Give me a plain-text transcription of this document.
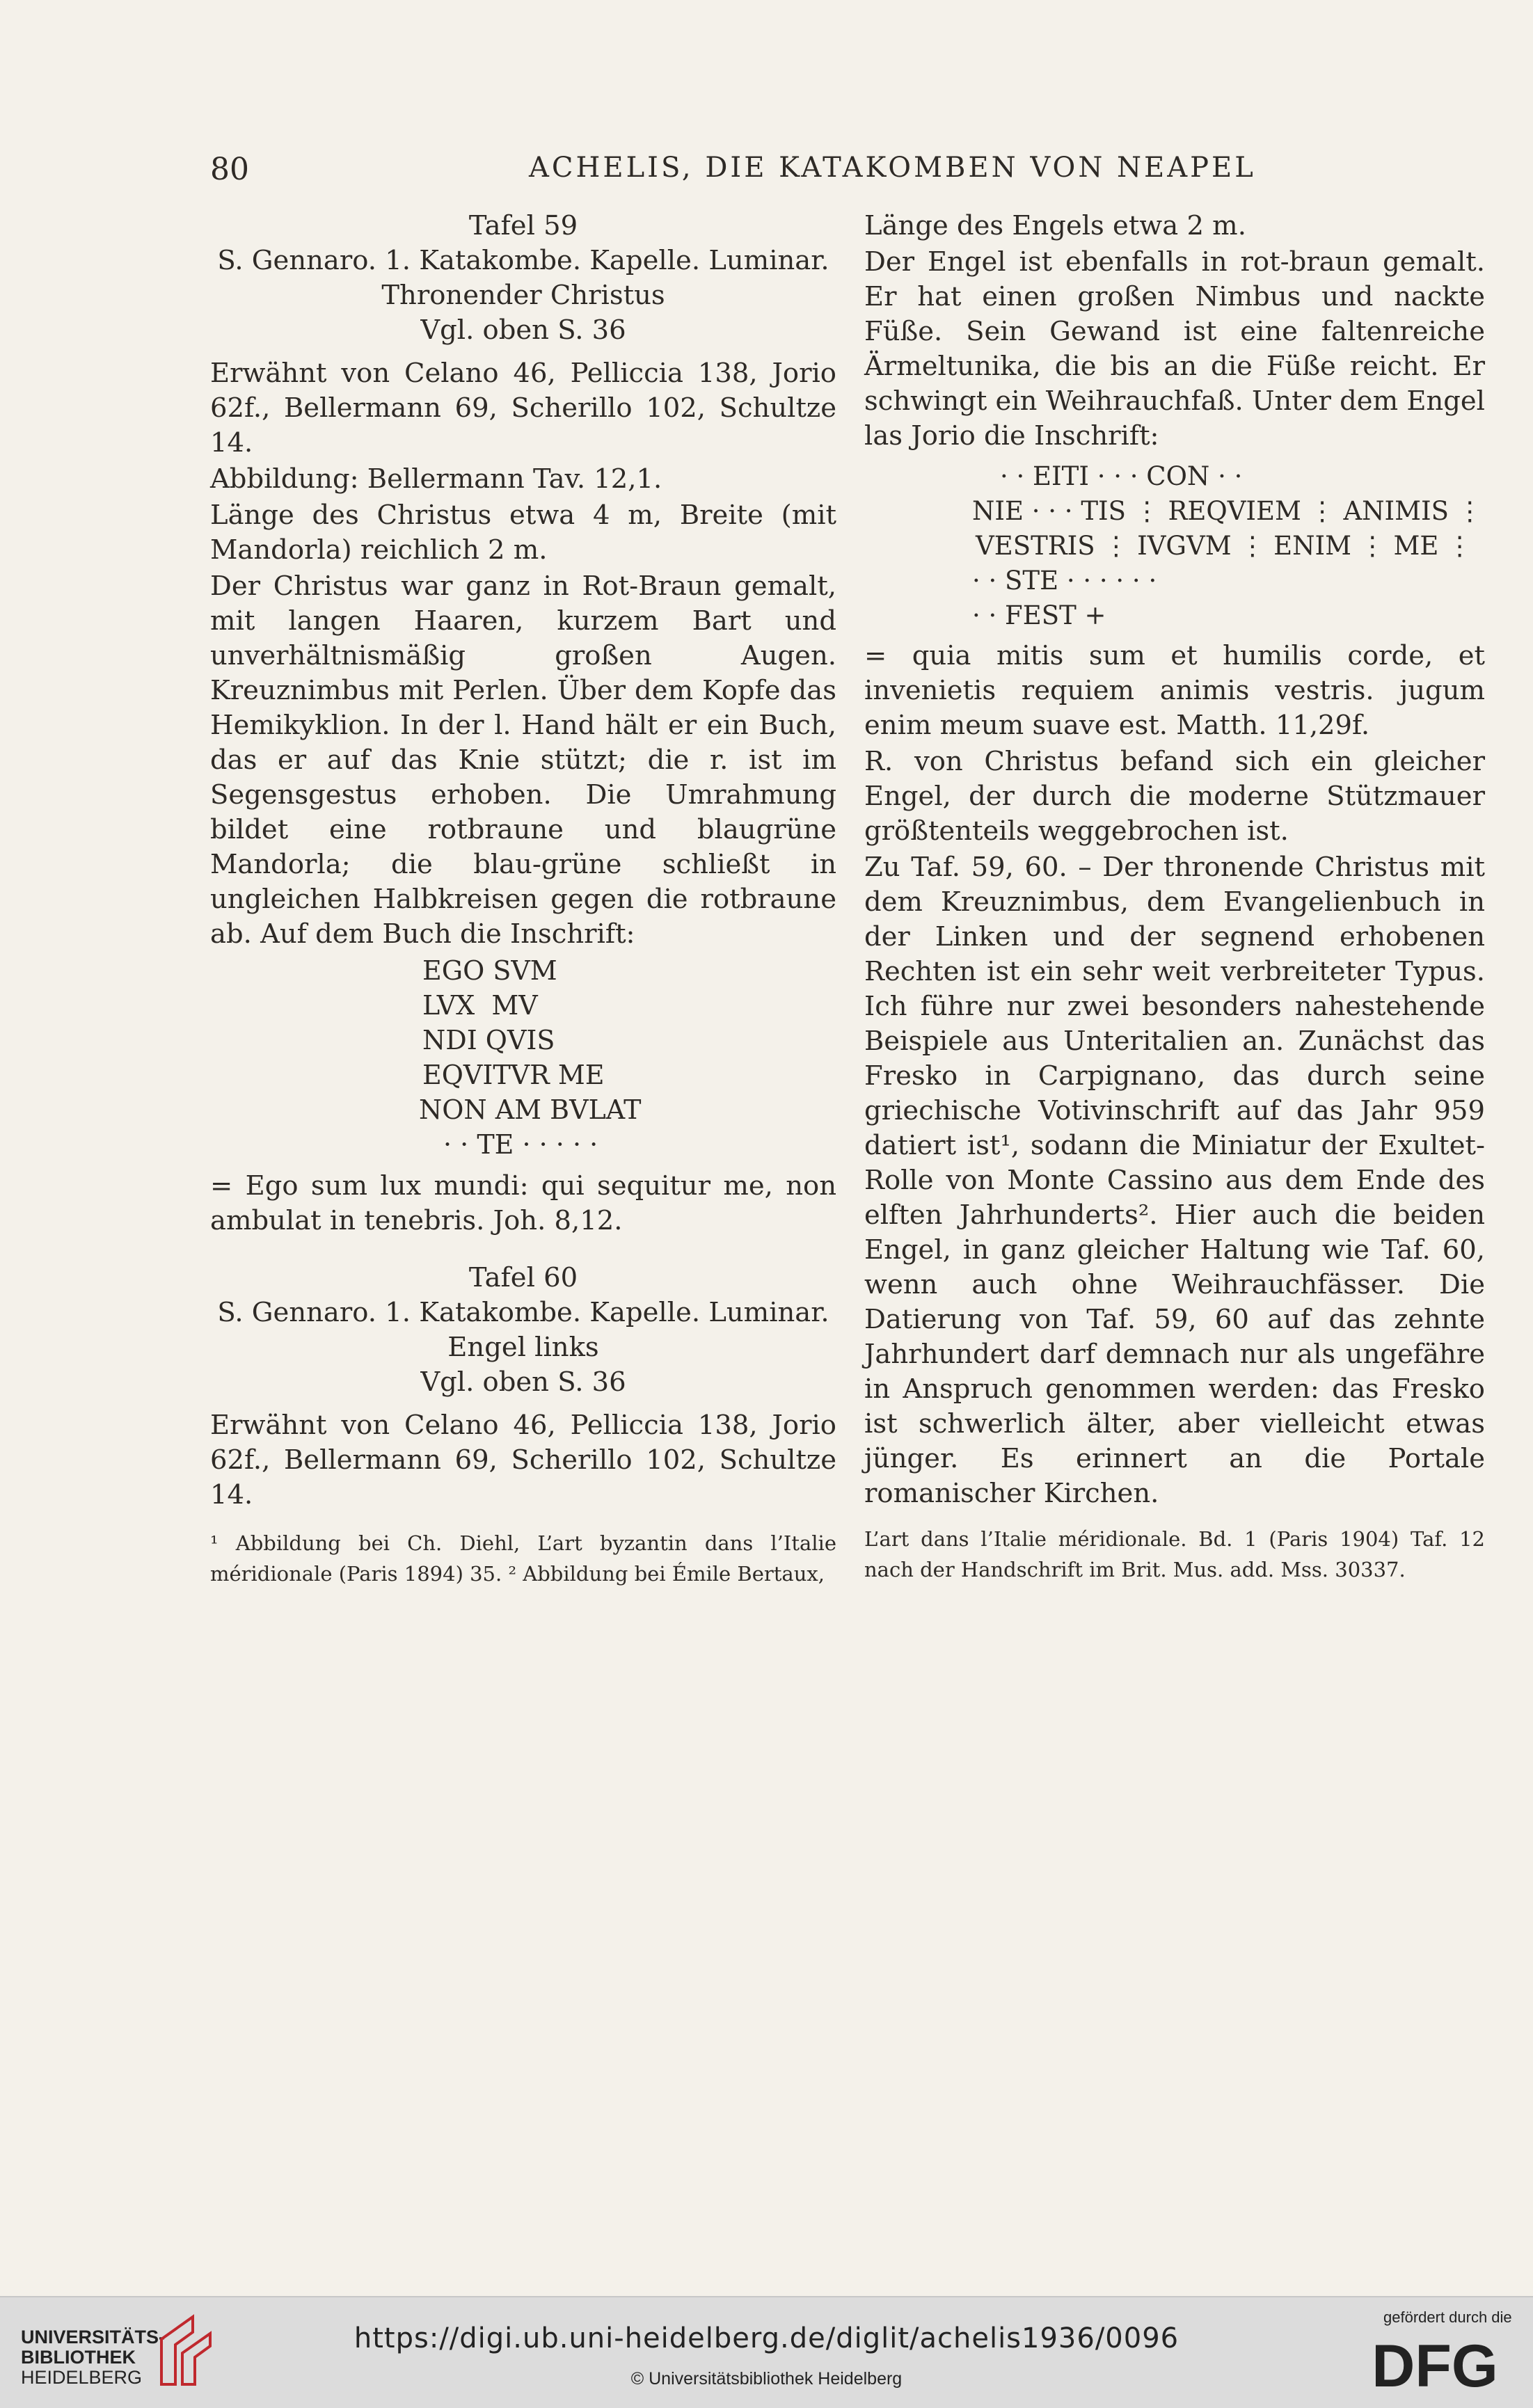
80	ACHELIS, DIE KATAKOMBEN VON NEAPEL
Tafel 59
S. Gennaro. 1. Katakombe. Kapelle. Luminar.
Thronender Christus
Vgl. oben S. 36
Erwähnt von Celano 46, Pelliccia 138, Jorio 62f., Bellermann 69, Scherillo 102, Schultze 14.
Abbildung: Bellermann Tav. 12,1.
Länge des Christus etwa 4 m, Breite (mit Mandorla) reichlich 2 m.
Der Christus war ganz in Rot-Braun gemalt, mit langen Haaren, kurzem Bart und unverhältnismäßig großen Augen. Kreuznimbus mit Perlen. Über dem Kopfe das Hemikyklion. In der l. Hand hält er ein Buch, das er auf das Knie stützt; die r. ist im Segensgestus erhoben. Die Umrahmung bildet eine rotbraune und blaugrüne Mandorla; die blau-grüne schließt in ungleichen Halbkreisen gegen die rotbraune ab. Auf dem Buch die Inschrift:
EGO SVM
LVX  MV
NDI QVIS
EQVITVR ME
NON AM BVLAT
· · TE · · · · ·
= Ego sum lux mundi: qui sequitur me, non ambulat in tenebris. Joh. 8,12.
Tafel 60
S. Gennaro. 1. Katakombe. Kapelle. Luminar.
Engel links
Vgl. oben S. 36
Erwähnt von Celano 46, Pelliccia 138, Jorio 62f., Bellermann 69, Scherillo 102, Schultze 14.
¹ Abbildung bei Ch. Diehl, L’art byzantin dans l’Italie méridionale (Paris 1894) 35. ² Abbildung bei Émile Bertaux,
Länge des Engels etwa 2 m.
Der Engel ist ebenfalls in rot-braun gemalt. Er hat einen großen Nimbus und nackte Füße. Sein Gewand ist eine faltenreiche Ärmeltunika, die bis an die Füße reicht. Er schwingt ein Weihrauchfaß. Unter dem Engel las Jorio die Inschrift:
· · EITI · · · CON · ·
NIE · · · TIS ⋮ REQVIEM ⋮ ANIMIS ⋮
VESTRIS ⋮ IVGVM ⋮ ENIM ⋮ ME ⋮
· · STE · · · · · ·
· · FEST +
= quia mitis sum et humilis corde, et invenietis requiem animis vestris. jugum enim meum suave est. Matth. 11,29f.
R. von Christus befand sich ein gleicher Engel, der durch die moderne Stützmauer größtenteils weggebrochen ist.
Zu Taf. 59, 60. – Der thronende Christus mit dem Kreuznimbus, dem Evangelienbuch in der Linken und der segnend erhobenen Rechten ist ein sehr weit verbreiteter Typus. Ich führe nur zwei besonders nahestehende Beispiele aus Unteritalien an. Zunächst das Fresko in Carpignano, das durch seine griechische Votivinschrift auf das Jahr 959 datiert ist¹, sodann die Miniatur der Exultet-Rolle von Monte Cassino aus dem Ende des elften Jahrhunderts². Hier auch die beiden Engel, in ganz gleicher Haltung wie Taf. 60, wenn auch ohne Weihrauchfässer. Die Datierung von Taf. 59, 60 auf das zehnte Jahrhundert darf demnach nur als ungefähre in Anspruch genommen werden: das Fresko ist schwerlich älter, aber vielleicht etwas jünger. Es erinnert an die Portale romanischer Kirchen.
L’art dans l’Italie méridionale. Bd. 1 (Paris 1904) Taf. 12 nach der Handschrift im Brit. Mus. add. Mss. 30337.
UNIVERSITÄTS-
BIBLIOTHEK
HEIDELBERG
https://digi.ub.uni-heidelberg.de/diglit/achelis1936/0096
© Universitätsbibliothek Heidelberg
gefördert durch die
DFG
